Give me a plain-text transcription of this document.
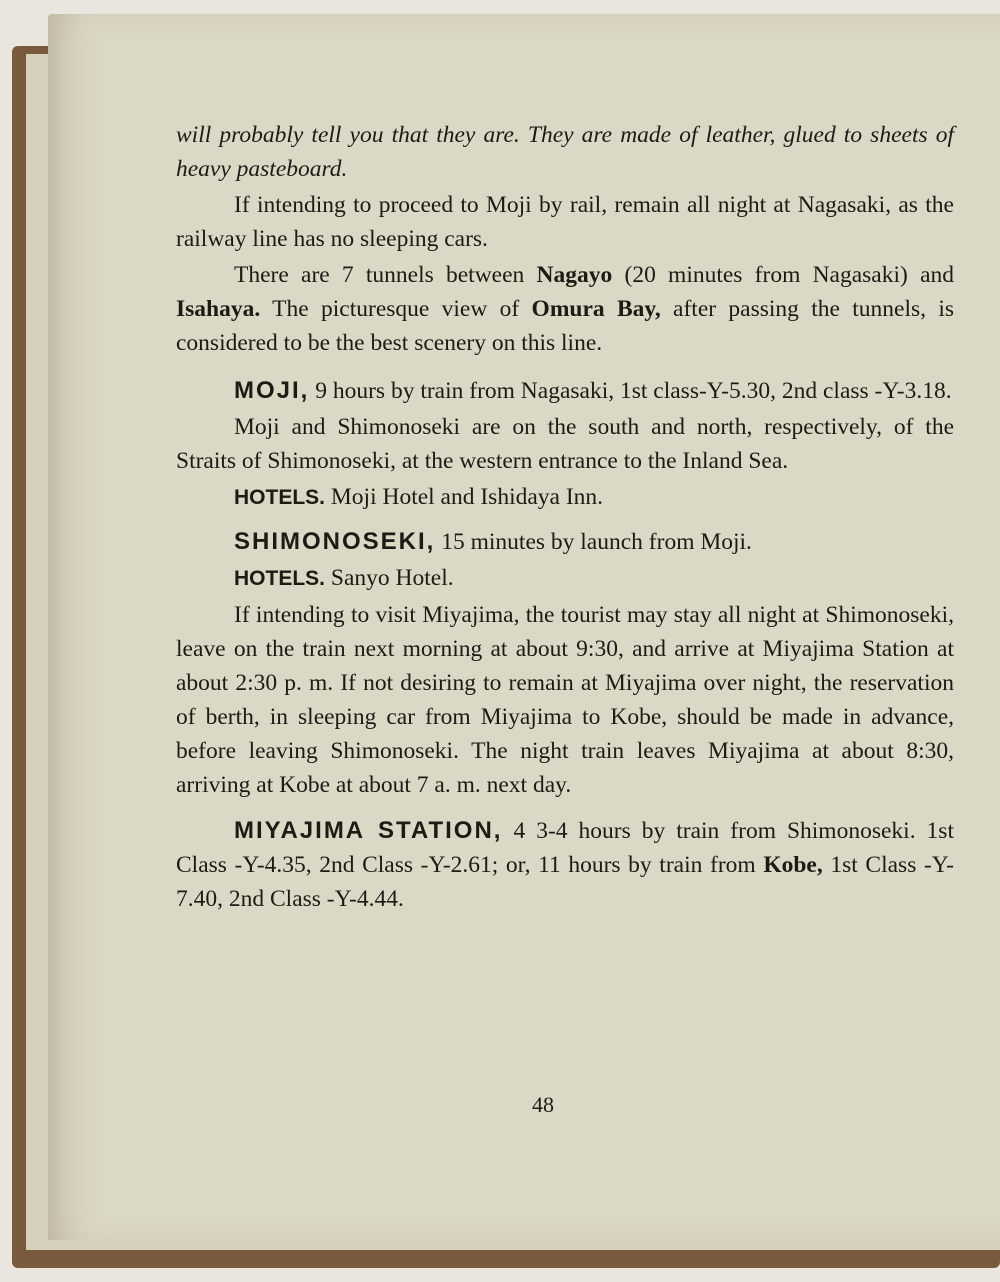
will probably tell you that they are. They are made of leather, glued to sheets of heavy pasteboard.

If intending to proceed to Moji by rail, remain all night at Nagasaki, as the railway line has no sleeping cars.

There are 7 tunnels between Nagayo (20 minutes from Nagasaki) and Isahaya. The picturesque view of Omura Bay, after passing the tunnels, is considered to be the best scenery on this line.

MOJI, 9 hours by train from Nagasaki, 1st class-Y-5.30, 2nd class -Y-3.18.

Moji and Shimonoseki are on the south and north, respectively, of the Straits of Shimonoseki, at the western entrance to the Inland Sea.

HOTELS. Moji Hotel and Ishidaya Inn.

SHIMONOSEKI, 15 minutes by launch from Moji.

HOTELS. Sanyo Hotel.

If intending to visit Miyajima, the tourist may stay all night at Shimonoseki, leave on the train next morning at about 9:30, and arrive at Miyajima Station at about 2:30 p. m. If not desiring to remain at Miyajima over night, the reservation of berth, in sleeping car from Miyajima to Kobe, should be made in advance, before leaving Shimonoseki. The night train leaves Miyajima at about 8:30, arriving at Kobe at about 7 a. m. next day.

MIYAJIMA STATION, 4 3-4 hours by train from Shimonoseki. 1st Class -Y-4.35, 2nd Class -Y-2.61; or, 11 hours by train from Kobe, 1st Class -Y-7.40, 2nd Class -Y-4.44.

48
